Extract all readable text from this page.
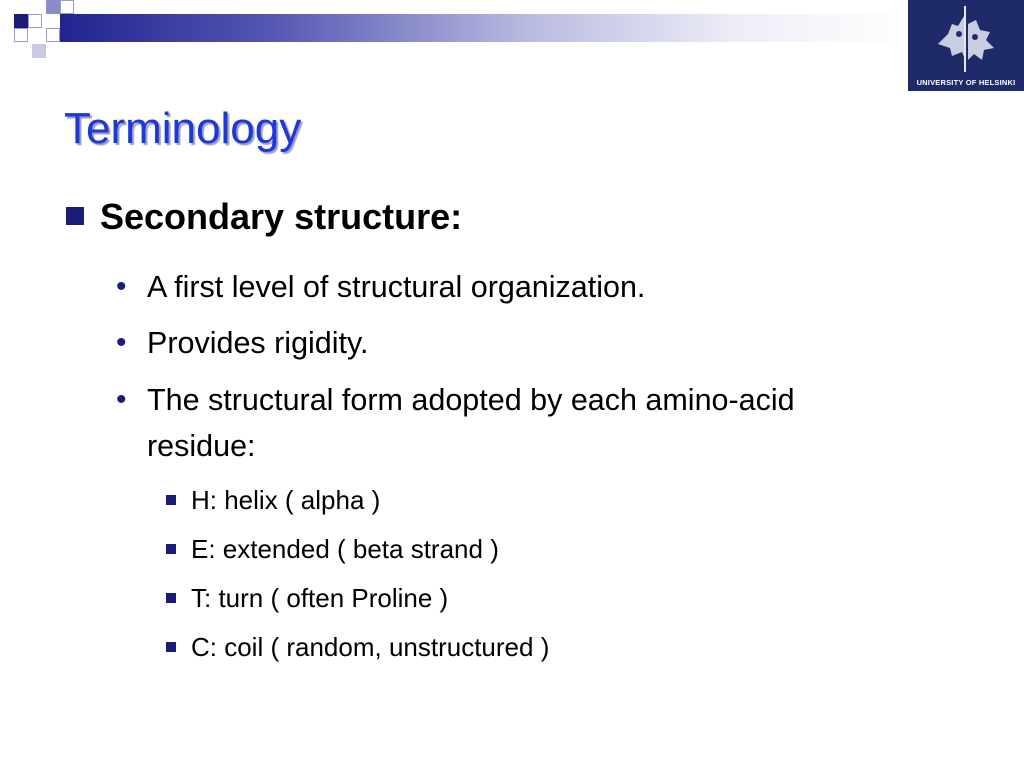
UNIVERSITY OF HELSINKI
Terminology
Secondary structure:
• A first level of structural organization.
• Provides rigidity.
• The structural form adopted by each amino-acid residue:
H: helix ( alpha )
E: extended ( beta strand )
T: turn ( often Proline )
C: coil ( random, unstructured )
